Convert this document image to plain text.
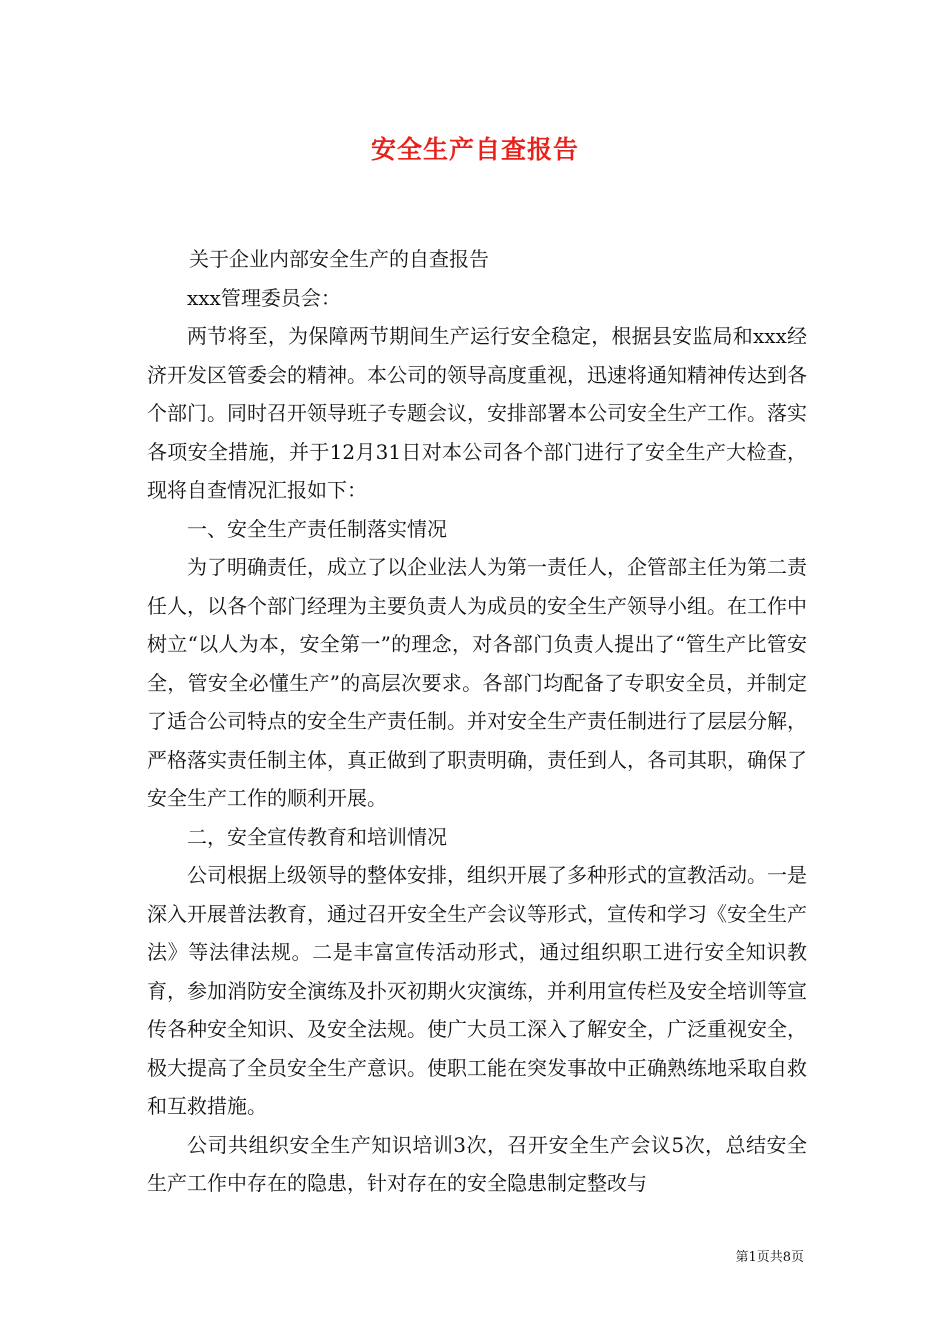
安全生产自查报告

关于企业内部安全生产的自查报告

xxx管理委员会：

两节将至，为保障两节期间生产运行安全稳定，根据县安监局和xxx经济开发区管委会的精神。本公司的领导高度重视，迅速将通知精神传达到各个部门。同时召开领导班子专题会议，安排部署本公司安全生产工作。落实各项安全措施，并于12月31日对本公司各个部门进行了安全生产大检查，现将自查情况汇报如下：

一、安全生产责任制落实情况

为了明确责任，成立了以企业法人为第一责任人，企管部主任为第二责任人，以各个部门经理为主要负责人为成员的安全生产领导小组。在工作中树立“以人为本，安全第一”的理念，对各部门负责人提出了“管生产比管安全，管安全必懂生产”的高层次要求。各部门均配备了专职安全员，并制定了适合公司特点的安全生产责任制。并对安全生产责任制进行了层层分解，严格落实责任制主体，真正做到了职责明确，责任到人，各司其职，确保了安全生产工作的顺利开展。

二，安全宣传教育和培训情况

公司根据上级领导的整体安排，组织开展了多种形式的宣教活动。一是深入开展普法教育，通过召开安全生产会议等形式，宣传和学习《安全生产法》等法律法规。二是丰富宣传活动形式，通过组织职工进行安全知识教育，参加消防安全演练及扑灭初期火灾演练，并利用宣传栏及安全培训等宣传各种安全知识、及安全法规。使广大员工深入了解安全，广泛重视安全，极大提高了全员安全生产意识。使职工能在突发事故中正确熟练地采取自救和互救措施。

公司共组织安全生产知识培训3次，召开安全生产会议5次，总结安全生产工作中存在的隐患，针对存在的安全隐患制定整改与

第1页共8页
